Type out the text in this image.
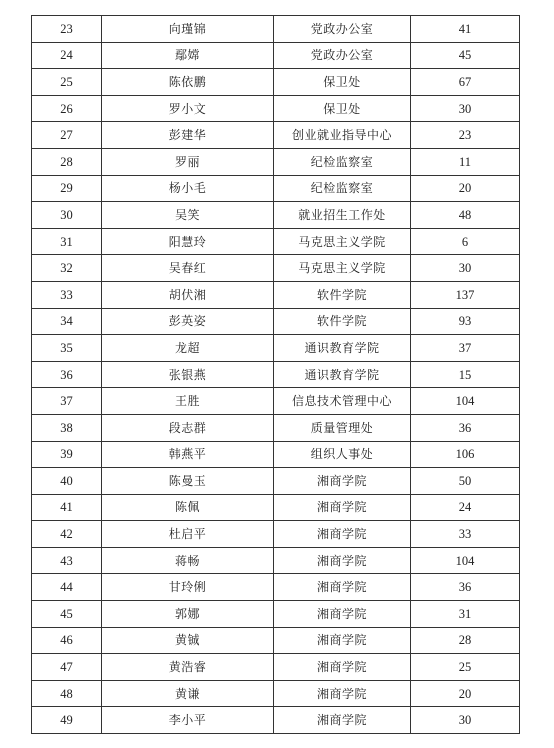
23	向瑾锦	党政办公室	41
24	鄢嫦	党政办公室	45
25	陈依鹏	保卫处	67
26	罗小文	保卫处	30
27	彭建华	创业就业指导中心	23
28	罗丽	纪检监察室	11
29	杨小毛	纪检监察室	20
30	吴笑	就业招生工作处	48
31	阳慧玲	马克思主义学院	6
32	吴春红	马克思主义学院	30
33	胡伏湘	软件学院	137
34	彭英姿	软件学院	93
35	龙超	通识教育学院	37
36	张银燕	通识教育学院	15
37	王胜	信息技术管理中心	104
38	段志群	质量管理处	36
39	韩燕平	组织人事处	106
40	陈曼玉	湘商学院	50
41	陈佩	湘商学院	24
42	杜启平	湘商学院	33
43	蒋畅	湘商学院	104
44	甘玲俐	湘商学院	36
45	郭娜	湘商学院	31
46	黄铖	湘商学院	28
47	黄浩睿	湘商学院	25
48	黄谦	湘商学院	20
49	李小平	湘商学院	30
